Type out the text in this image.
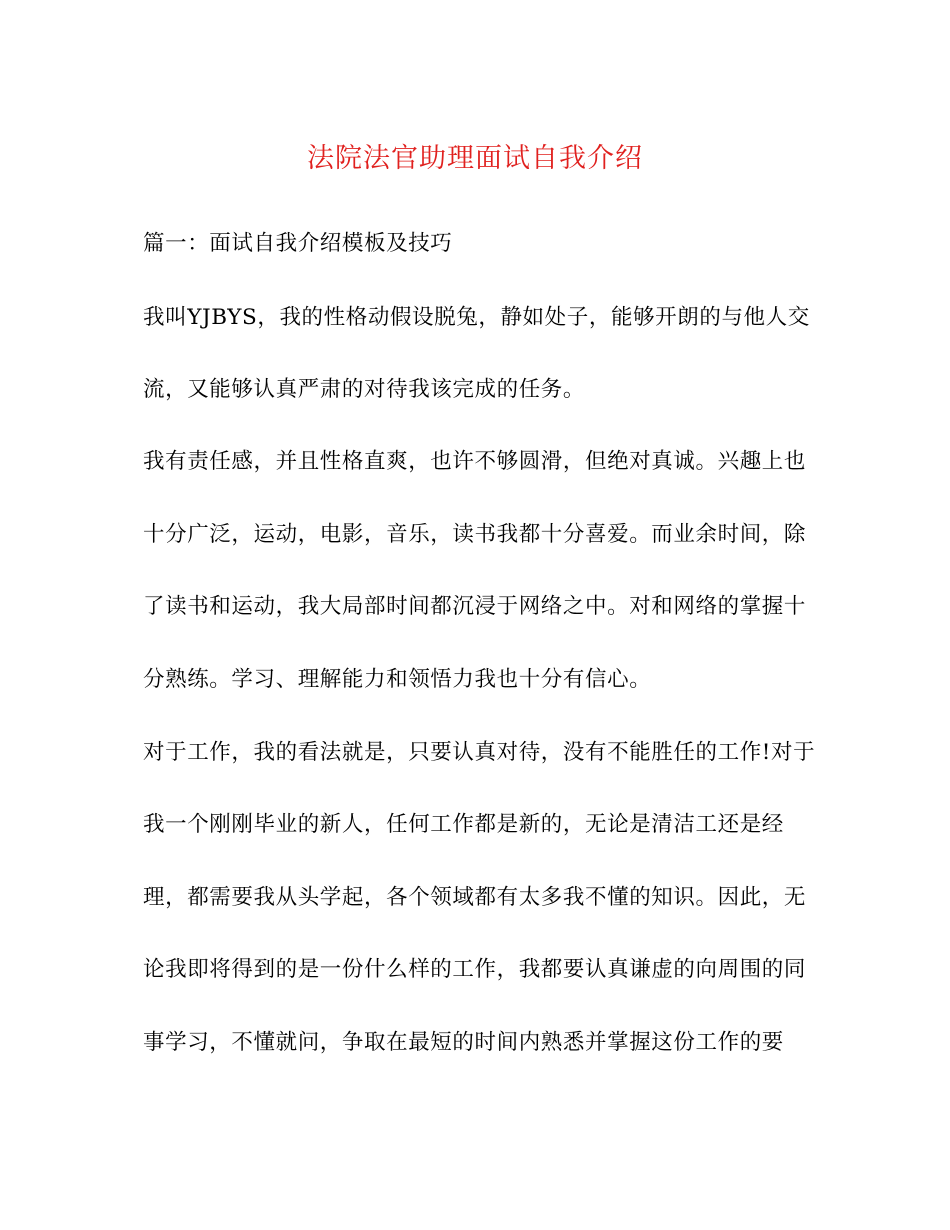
法院法官助理面试自我介绍
篇一：面试自我介绍模板及技巧
我叫YJBYS，我的性格动假设脱兔，静如处子，能够开朗的与他人交
流，又能够认真严肃的对待我该完成的任务。
我有责任感，并且性格直爽，也许不够圆滑，但绝对真诚。兴趣上也
十分广泛，运动，电影，音乐，读书我都十分喜爱。而业余时间，除
了读书和运动，我大局部时间都沉浸于网络之中。对和网络的掌握十
分熟练。学习、理解能力和领悟力我也十分有信心。
对于工作，我的看法就是，只要认真对待，没有不能胜任的工作!对于
我一个刚刚毕业的新人，任何工作都是新的，无论是清洁工还是经
理，都需要我从头学起，各个领域都有太多我不懂的知识。因此，无
论我即将得到的是一份什么样的工作，我都要认真谦虚的向周围的同
事学习，不懂就问，争取在最短的时间内熟悉并掌握这份工作的要
